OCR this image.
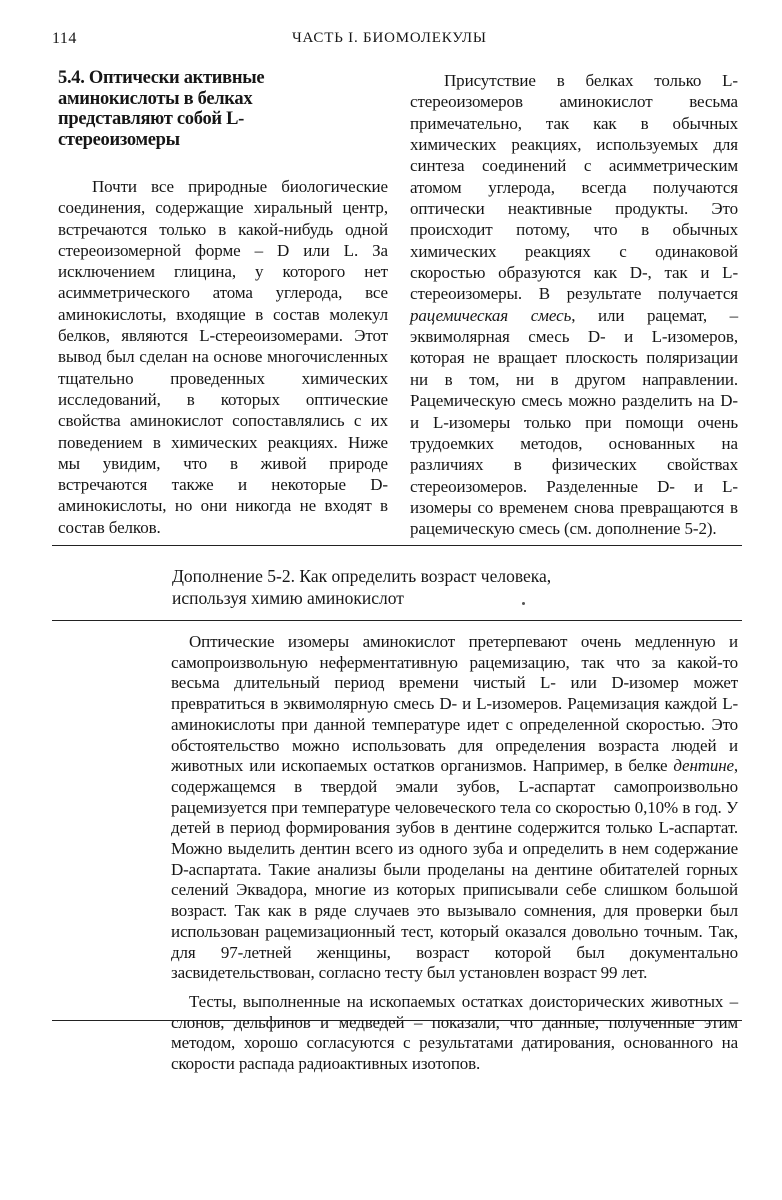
114	ЧАСТЬ I. БИОМОЛЕКУЛЫ
5.4. Оптически активные аминокислоты в белках представляют собой L-стереоизомеры

Почти все природные биологические соединения, содержащие хиральный центр, встречаются только в какой-нибудь одной стереоизомерной форме – D или L. За исключением глицина, у которого нет асимметрического атома углерода, все аминокислоты, входящие в состав молекул белков, являются L-стереоизомерами. Этот вывод был сделан на основе многочисленных тщательно проведенных химических исследований, в которых оптические свойства аминокислот сопоставлялись с их поведением в химических реакциях. Ниже мы увидим, что в живой природе встречаются также и некоторые D-аминокислоты, но они никогда не входят в состав белков.

Присутствие в белках только L-стереоизомеров аминокислот весьма примечательно, так как в обычных химических реакциях, используемых для синтеза соединений с асимметрическим атомом углерода, всегда получаются оптически неактивные продукты. Это происходит потому, что в обычных химических реакциях с одинаковой скоростью образуются как D-, так и L-стереоизомеры. В результате получается рацемическая смесь, или рацемат, – эквимолярная смесь D- и L-изомеров, которая не вращает плоскость поляризации ни в том, ни в другом направлении. Рацемическую смесь можно разделить на D- и L-изомеры только при помощи очень трудоемких методов, основанных на различиях в физических свойствах стереоизомеров. Разделенные D- и L-изомеры со временем снова превращаются в рацемическую смесь (см. дополнение 5-2).

Дополнение 5-2. Как определить возраст человека,
используя химию аминокислот

Оптические изомеры аминокислот претерпевают очень медленную и самопроизвольную неферментативную рацемизацию, так что за какой-то весьма длительный период времени чистый L- или D-изомер может превратиться в эквимолярную смесь D- и L-изомеров. Рацемизация каждой L-аминокислоты при данной температуре идет с определенной скоростью. Это обстоятельство можно использовать для определения возраста людей и животных или ископаемых остатков организмов. Например, в белке дентине, содержащемся в твердой эмали зубов, L-аспартат самопроизвольно рацемизуется при температуре человеческого тела со скоростью 0,10% в год. У детей в период формирования зубов в дентине содержится только L-аспартат. Можно выделить дентин всего из одного зуба и определить в нем содержание D-аспартата. Такие анализы были проделаны на дентине обитателей горных селений Эквадора, многие из которых приписывали себе слишком большой возраст. Так как в ряде случаев это вызывало сомнения, для проверки был использован рацемизационный тест, который оказался довольно точным. Так, для 97-летней женщины, возраст которой был документально засвидетельствован, согласно тесту был установлен возраст 99 лет.

Тесты, выполненные на ископаемых остатках доисторических животных – слонов, дельфинов и медведей – показали, что данные, полученные этим методом, хорошо согласуются с результатами датирования, основанного на скорости распада радиоактивных изотопов.
